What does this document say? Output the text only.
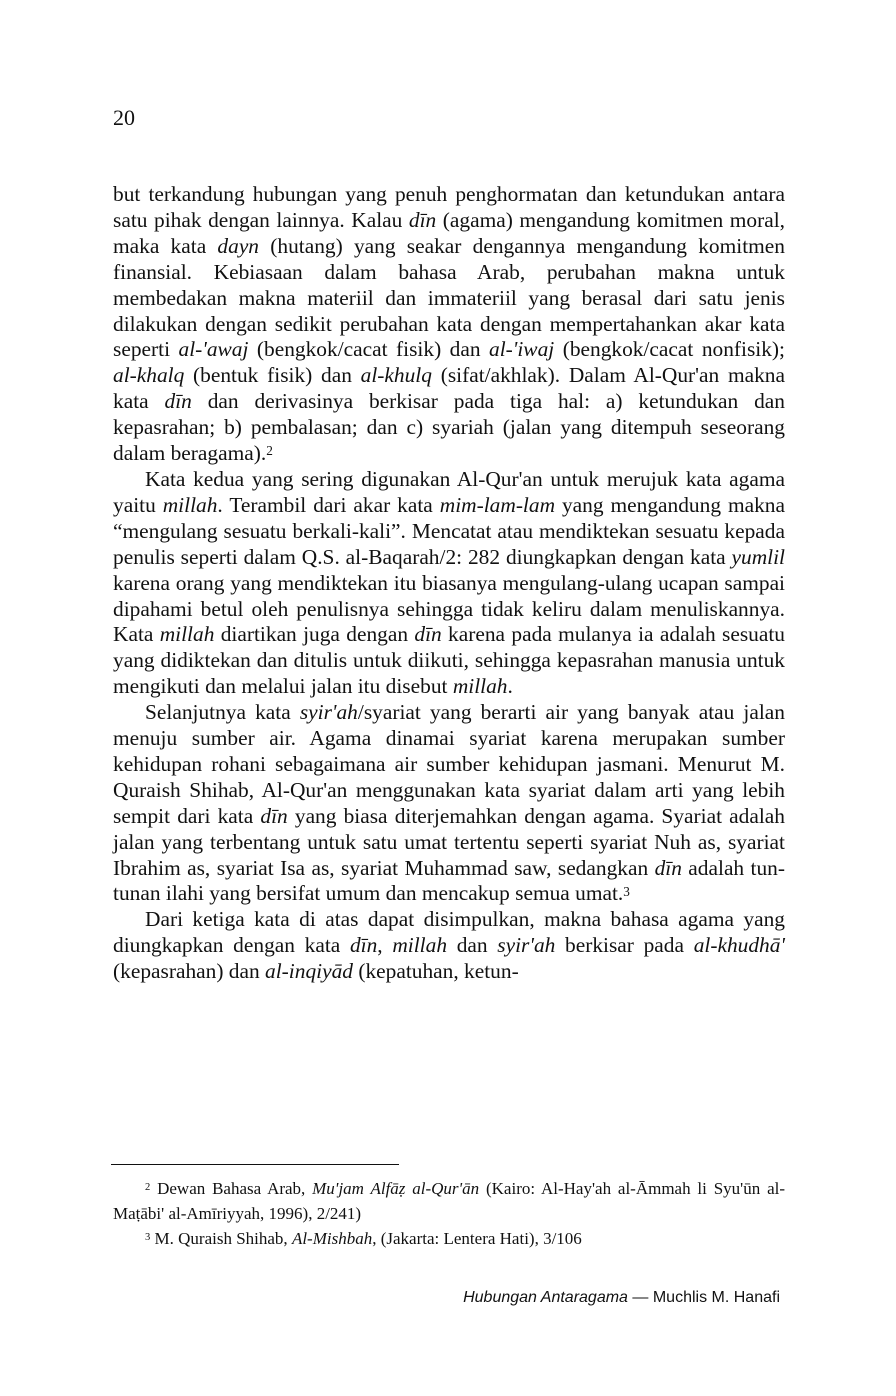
20

but terkandung hubungan yang penuh penghormatan dan ketundukan antara satu pihak dengan lainnya. Kalau dīn (agama) mengandung komitmen moral, maka kata dayn (hutang) yang seakar dengannya mengandung komitmen finansial. Kebiasaan dalam bahasa Arab, perubahan makna untuk membedakan makna materiil dan immateriil yang berasal dari satu jenis dilakukan dengan sedikit perubahan kata dengan mempertahankan akar kata seperti al-'awaj (bengkok/cacat fisik) dan al-'iwaj (bengkok/cacat nonfisik); al-khalq (bentuk fisik) dan al-khulq (sifat/akhlak). Dalam Al-Qur'an makna kata dīn dan derivasinya berkisar pada tiga hal: a) ketundukan dan kepasrahan; b) pembalasan; dan c) syariah (jalan yang ditempuh seseorang dalam beragama).$^2$

Kata kedua yang sering digunakan Al-Qur'an untuk merujuk kata agama yaitu millah. Terambil dari akar kata mim-lam-lam yang mengandung makna “mengulang sesuatu berkali-kali”. Mencatat atau mendiktekan sesuatu kepada penulis seperti dalam Q.S. al-Baqarah/2: 282 diungkapkan dengan kata yumlil karena orang yang mendiktekan itu biasanya mengulang-ulang ucapan sampai dipahami betul oleh penulisnya sehingga tidak keliru dalam menuliskannya. Kata millah diartikan juga dengan dīn karena pada mulanya ia adalah sesuatu yang didiktekan dan ditulis untuk diikuti, sehingga kepasrahan manusia untuk mengikuti dan melalui jalan itu disebut millah.

Selanjutnya kata syir'ah/syariat yang berarti air yang banyak atau jalan menuju sumber air. Agama dinamai syariat karena merupakan sumber kehidupan rohani sebagaimana air sumber kehidupan jasmani. Menurut M. Quraish Shihab, Al-Qur'an menggunakan kata syariat dalam arti yang lebih sempit dari kata dīn yang biasa diterjemahkan dengan agama. Syariat adalah jalan yang terbentang untuk satu umat tertentu seperti syariat Nuh as, syariat Ibrahim as, syariat Isa as, syariat Muhammad saw, sedangkan dīn adalah tuntunan ilahi yang bersifat umum dan mencakup semua umat.$^3$

Dari ketiga kata di atas dapat disimpulkan, makna bahasa agama yang diungkapkan dengan kata dīn, millah dan syir'ah berkisar pada al-khudhā' (kepasrahan) dan al-inqiyād (kepatuhan, ketun-

$^2$ Dewan Bahasa Arab, Mu'jam Alfāẓ al-Qur'ān (Kairo: Al-Hay'ah al-Āmmah li Syu'ūn al-Maṭābi' al-Amīriyyah, 1996), 2/241)

$^3$ M. Quraish Shihab, Al-Mishbah, (Jakarta: Lentera Hati), 3/106

Hubungan Antaragama — Muchlis M. Hanafi
